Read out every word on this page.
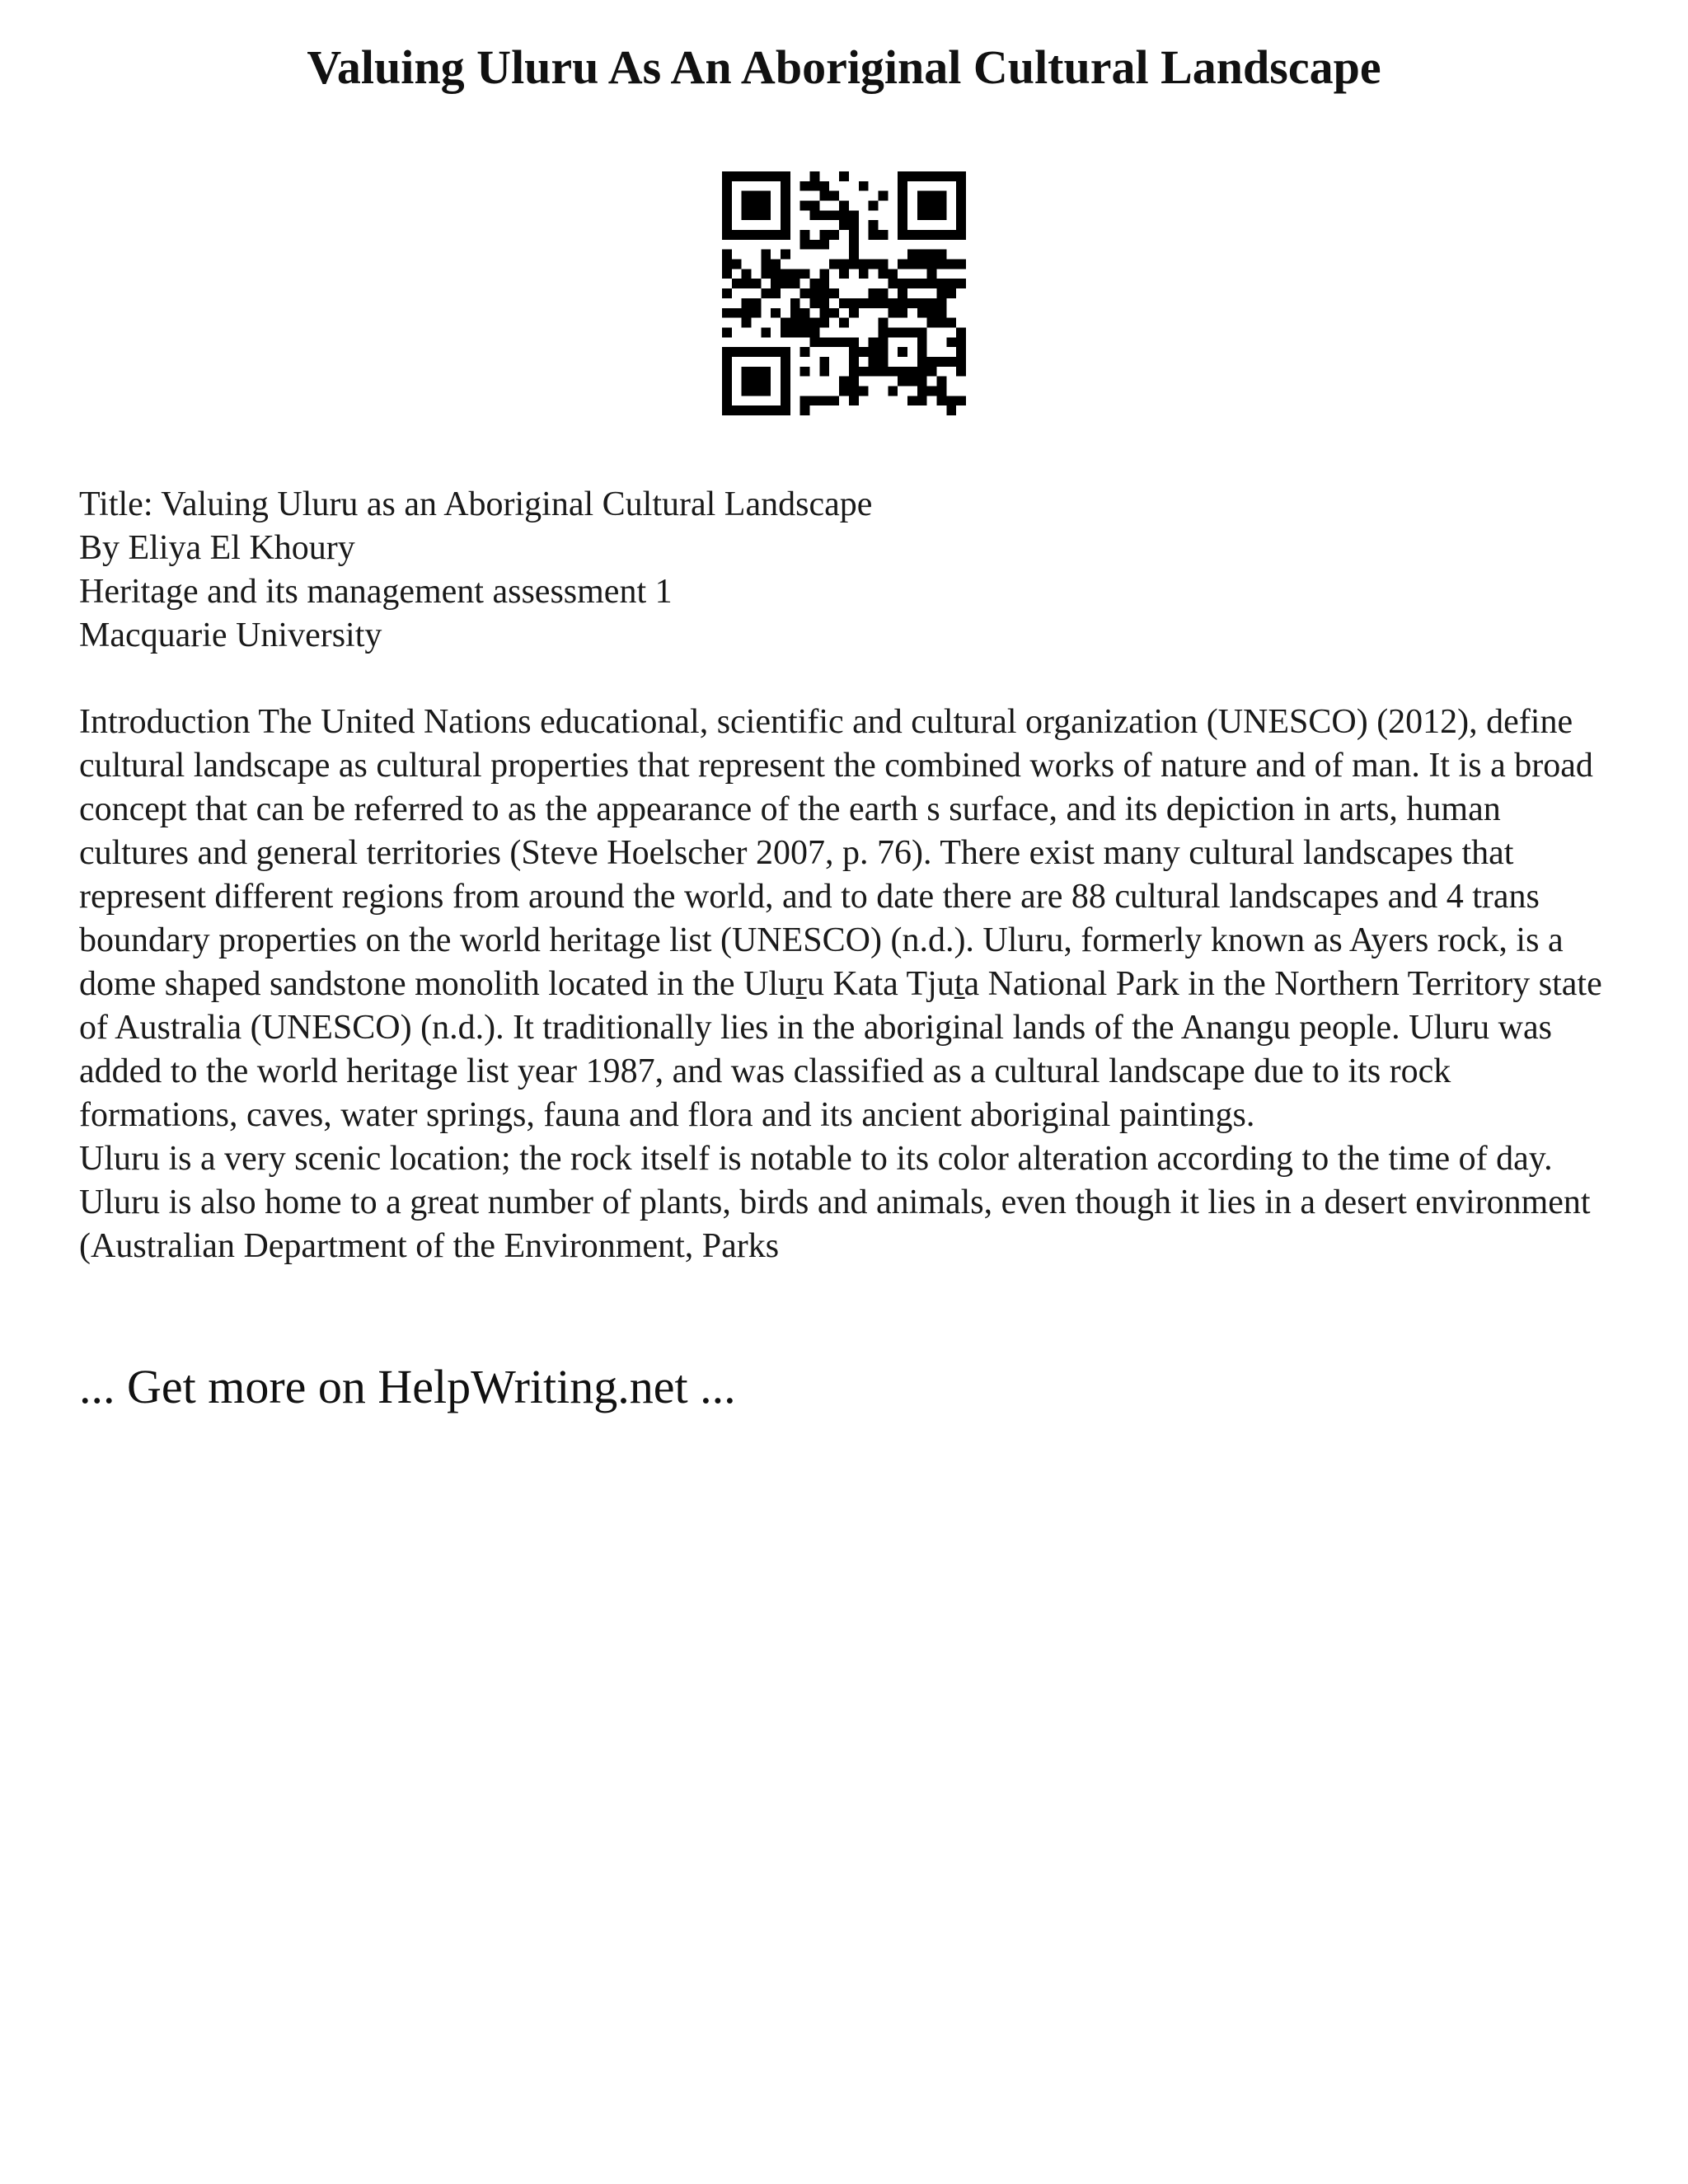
Valuing Uluru As An Aboriginal Cultural Landscape
Title: Valuing Uluru as an Aboriginal Cultural Landscape
By Eliya El Khoury
Heritage and its management assessment 1
Macquarie University

Introduction The United Nations educational, scientific and cultural organization (UNESCO) (2012), define cultural landscape as cultural properties that represent the combined works of nature and of man. It is a broad concept that can be referred to as the appearance of the earth s surface, and its depiction in arts, human cultures and general territories (Steve Hoelscher 2007, p. 76). There exist many cultural landscapes that represent different regions from around the world, and to date there are 88 cultural landscapes and 4 trans boundary properties on the world heritage list (UNESCO) (n.d.). Uluru, formerly known as Ayers rock, is a dome shaped sandstone monolith located in the Uluṟu Kata Tjuṯa National Park in the Northern Territory state of Australia (UNESCO) (n.d.). It traditionally lies in the aboriginal lands of the Anangu people. Uluru was added to the world heritage list year 1987, and was classified as a cultural landscape due to its rock formations, caves, water springs, fauna and flora and its ancient aboriginal paintings.

Uluru is a very scenic location; the rock itself is notable to its color alteration according to the time of day. Uluru is also home to a great number of plants, birds and animals, even though it lies in a desert environment (Australian Department of the Environment, Parks

... Get more on HelpWriting.net ...
